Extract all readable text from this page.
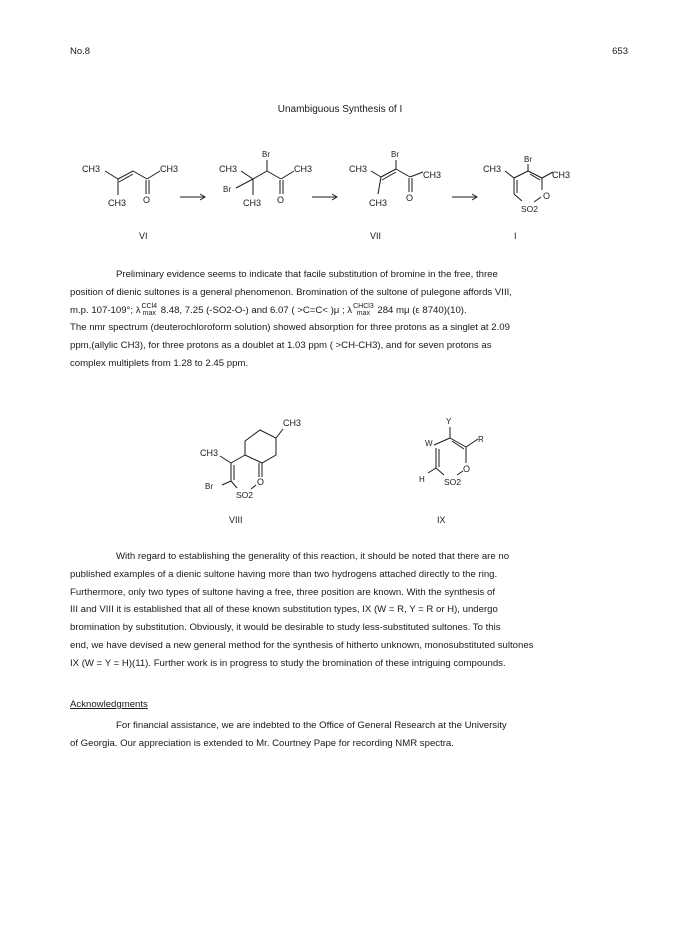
No.8	653
Unambiguous Synthesis of I
CH3	CH3
O
CH3
CH3
Br
CH3
O
Br
CH3
CH3
Br
CH3
O
CH3
CH3
Br
CH3
O
SO2
VI	VII	I

Preliminary evidence seems to indicate that facile substitution of bromine in the free, three
position of dienic sultones is a general phenomenon. Bromination of the sultone of pulegone affords VIII,
m.p. 107-109°; λ CCl4
max 8.48, 7.25 (-SO2-O-) and 6.07 ( >C=C< )μ ; λ CHCl3
max 284 mμ (ε 8740)(10).
The nmr spectrum (deuterochloroform solution) showed absorption for three protons as a singlet at 2.09
ppm,(allylic CH3), for three protons as a doublet at 1.03 ppm ( >CH-CH3), and for seven protons as
complex multiplets from 1.28 to 2.45 ppm.

CH3
CH3
O
SO2
Br
Y
W	R
O
H SO2
VIII	IX

With regard to establishing the generality of this reaction, it should be noted that there are no
published examples of a dienic sultone having more than two hydrogens attached directly to the ring.
Furthermore, only two types of sultone having a free, three position are known. With the synthesis of
III and VIII it is established that all of these known substitution types, IX (W = R, Y = R or H), undergo
bromination by substitution. Obviously, it would be desirable to study less-substituted sultones. To this
end, we have devised a new general method for the synthesis of hitherto unknown, monosubstituted sultones
IX (W = Y = H)(11). Further work is in progress to study the bromination of these intriguing compounds.

Acknowledgments

For financial assistance, we are indebted to the Office of General Research at the University
of Georgia. Our appreciation is extended to Mr. Courtney Pape for recording NMR spectra.
